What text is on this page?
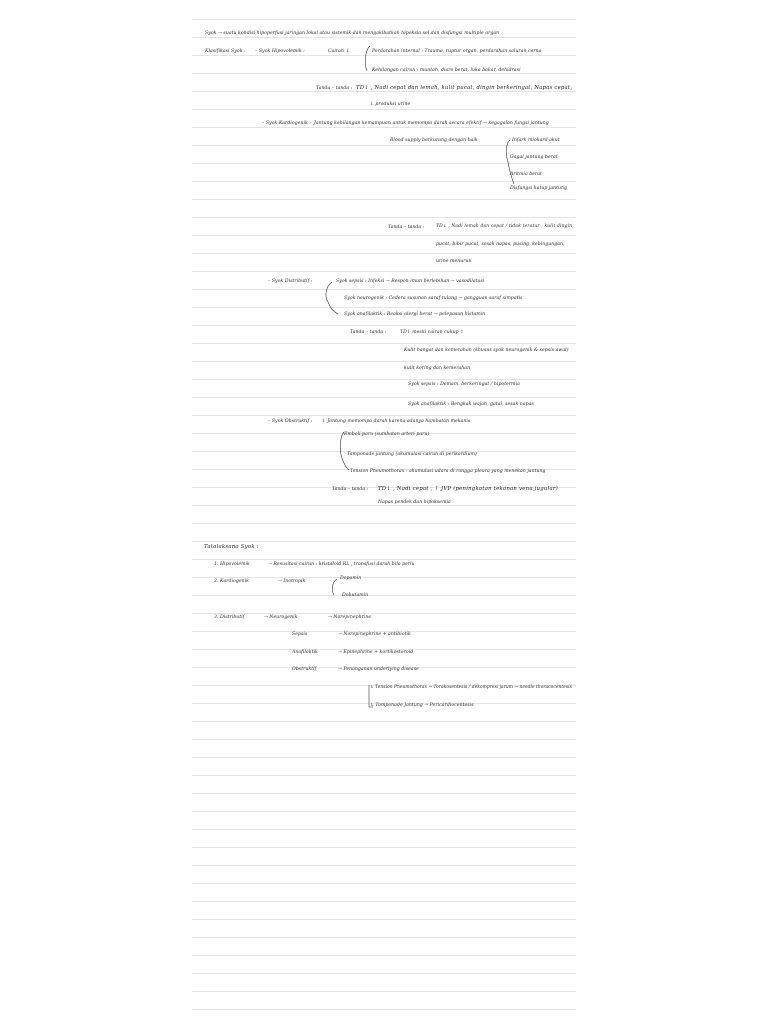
Syok → suatu kondisi hipoperfusi jaringan lokal atau sistemik dan mengakibatkan hipoksia sel dan disfungsi multiple organ
Klasifikasi Syok : – Syok Hipovolemik :	Cairan ↓	Perdarahan internal : Trauma, ruptur organ, perdarahan saluran cerna
Kehilangan cairan : muntah, diare berat, luka bakar, dehidrasi
Tanda – tanda : TD↓ , Nadi cepat dan lemah, kulit pucat, dingin berkeringat, Napas cepat,
↓ produksi urine
– Syok Kardiogenik : Jantung kehilangan kemampuan untuk memompa darah secara efektif → kegagalan fungsi jantung
Blood supply berkurang dengan baik	Infark miokard akut
Gagal jantung berat
Aritmia berat
Disfungsi katup jantung
Tanda – tanda :	TD↓ , Nadi lemah dan cepat / tidak teratur , kulit dingin,
pucat, bibir pucat, sesak napas, pusing, kebingungan,
urine menurun
– Syok Distributif :	Syok sepsis : Infeksi → Respon imun berlebihan → vasodilatasi
Syok neurogenik : Cedera susunan saraf tulang → gangguan saraf simpatis
Syok anafilaktik : Reaksi alergi berat → pelepasan histamin
Tanda – tanda :	TD↓ meski cairan cukup ↑
Kulit hangat dan kemerahan (khusus syok neurogenik & sepsis awal)
kulit kering dan kemerahan
Syok sepsis : Demam, berkeringat / hipotermia
Syok anafilaktik : Bengkak wajah, gatal, sesak napas
– Syok Obstruktif : ↓ Jantung memompa darah karena adanya hambatan mekanis
Emboli paru (sumbatan arteri paru)
Tamponade jantung (akumulasi cairan di perikardium)
Tension Pneumothorax : akumulasi udara di rongga pleura yang menekan jantung
Tanda – tanda : TD↓ , Nadi cepat , ↑ JVP (peningkatan tekanan vena jugular)
Napas pendek dan hipoksemia
Tatalaksana Syok :
1. Hipovolemik	→ Resusitasi cairan : kristaloid RL , transfusi darah bila perlu
2. Kardiogenik	→ Inotropik
Dopamin
Dobutamin
3. Distributif	→ Neurogenik	→ Norepinephrine
Sepsis	→ Norepinephrine + antibiotik
Anafilaktik	→ Epinephrine + kortikosteroid
Obstruktif	→ Penanganan underlying disease
↳ Tension Pneumothorax → Torakosentesis / dekompresi jarum → needle thoracocentesis
↳ Tamponade Jantung → Pericardiocentesis
